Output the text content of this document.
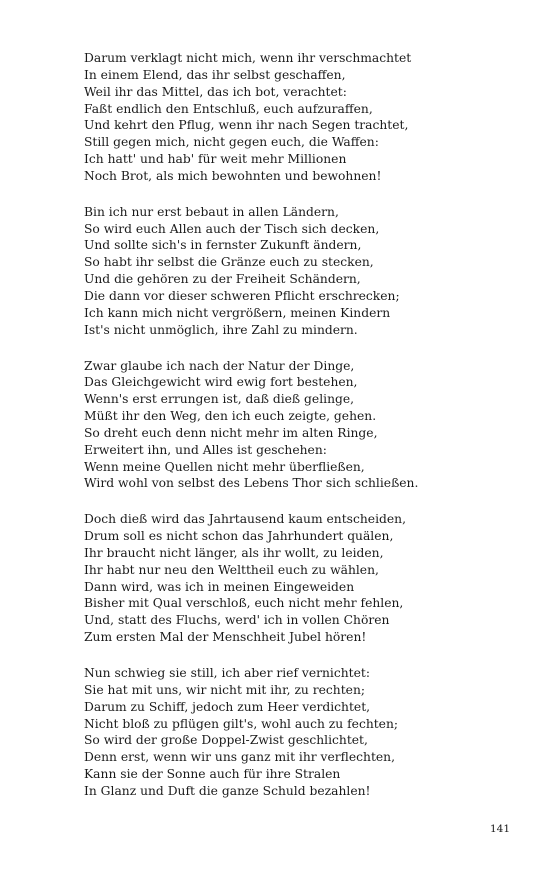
Darum verklagt nicht mich, wenn ihr verschmachtet
In einem Elend, das ihr selbst geschaffen,
Weil ihr das Mittel, das ich bot, verachtet:
Faßt endlich den Entschluß, euch aufzuraffen,
Und kehrt den Pflug, wenn ihr nach Segen trachtet,
Still gegen mich, nicht gegen euch, die Waffen:
Ich hatt' und hab' für weit mehr Millionen
Noch Brot, als mich bewohnten und bewohnen!
Bin ich nur erst bebaut in allen Ländern,
So wird euch Allen auch der Tisch sich decken,
Und sollte sich's in fernster Zukunft ändern,
So habt ihr selbst die Gränze euch zu stecken,
Und die gehören zu der Freiheit Schändern,
Die dann vor dieser schweren Pflicht erschrecken;
Ich kann mich nicht vergrößern, meinen Kindern
Ist's nicht unmöglich, ihre Zahl zu mindern.
Zwar glaube ich nach der Natur der Dinge,
Das Gleichgewicht wird ewig fort bestehen,
Wenn's erst errungen ist, daß dieß gelinge,
Müßt ihr den Weg, den ich euch zeigte, gehen.
So dreht euch denn nicht mehr im alten Ringe,
Erweitert ihn, und Alles ist geschehen:
Wenn meine Quellen nicht mehr überfließen,
Wird wohl von selbst des Lebens Thor sich schließen.
Doch dieß wird das Jahrtausend kaum entscheiden,
Drum soll es nicht schon das Jahrhundert quälen,
Ihr braucht nicht länger, als ihr wollt, zu leiden,
Ihr habt nur neu den Welttheil euch zu wählen,
Dann wird, was ich in meinen Eingeweiden
Bisher mit Qual verschloß, euch nicht mehr fehlen,
Und, statt des Fluchs, werd' ich in vollen Chören
Zum ersten Mal der Menschheit Jubel hören!
Nun schwieg sie still, ich aber rief vernichtet:
Sie hat mit uns, wir nicht mit ihr, zu rechten;
Darum zu Schiff, jedoch zum Heer verdichtet,
Nicht bloß zu pflügen gilt's, wohl auch zu fechten;
So wird der große Doppel-Zwist geschlichtet,
Denn erst, wenn wir uns ganz mit ihr verflechten,
Kann sie der Sonne auch für ihre Stralen
In Glanz und Duft die ganze Schuld bezahlen!
141
